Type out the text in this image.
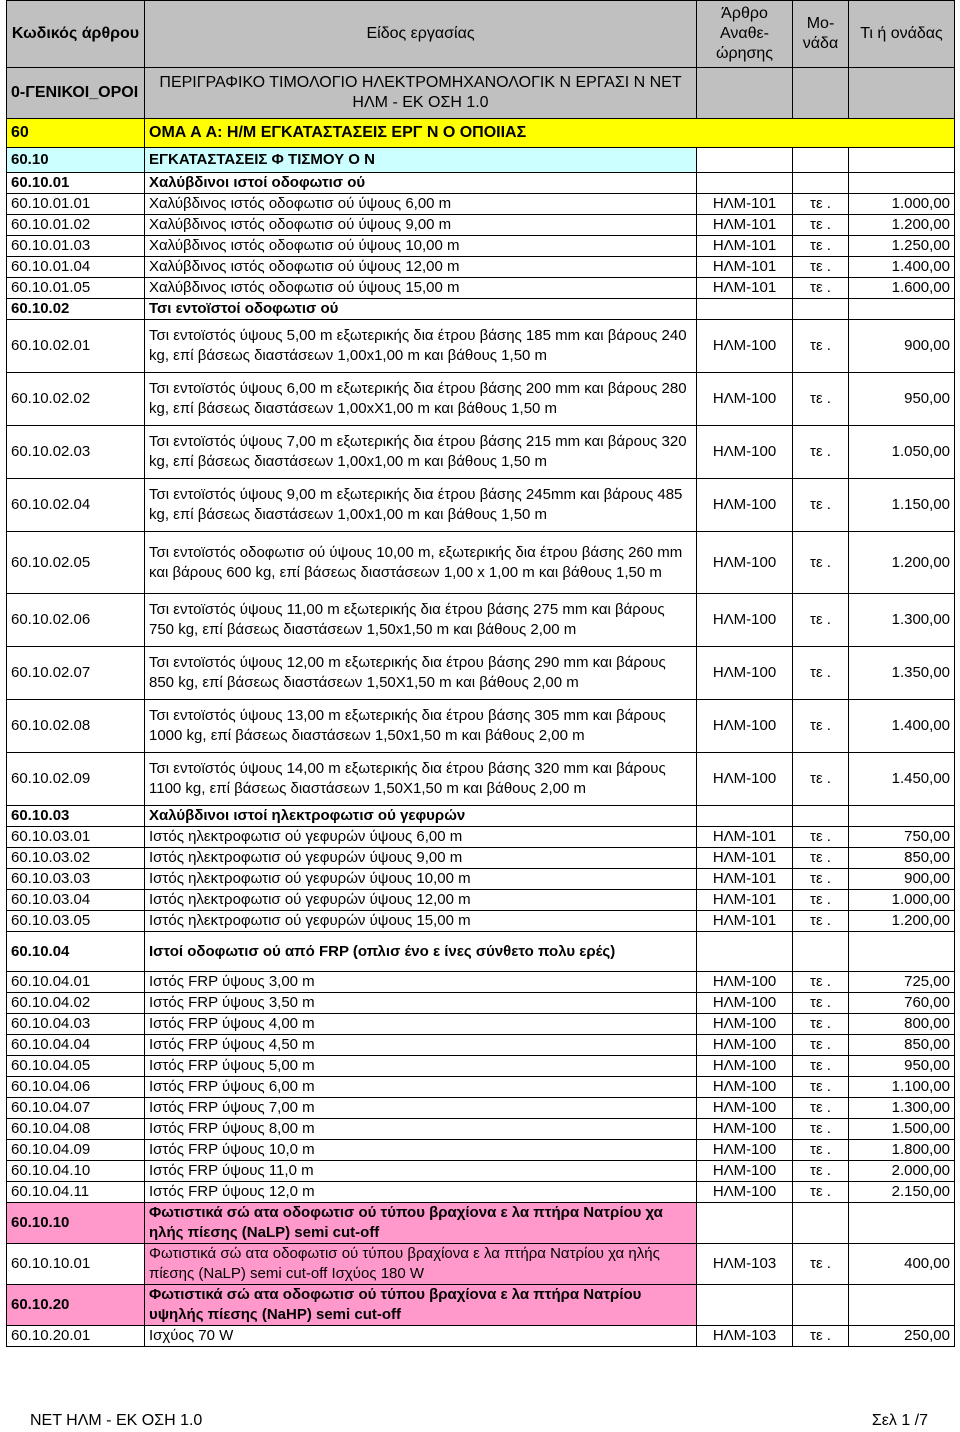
Κωδικός άρθρου	Είδος εργασίας	Άρθρο Αναθε- ώρησης	Mo- νάδα	Τι ή ονάδας
0-ΓΕΝΙΚΟΙ_ΟΡΟΙ	ΠΕΡΙΓΡΑΦΙΚΟ ΤΙΜΟΛΟΓΙΟ ΗΛΕΚΤΡΟΜΗΧΑΝΟΛΟΓΙΚ Ν ΕΡΓΑΣΙ Ν ΝΕΤ ΗΛΜ - ΕΚ ΟΣΗ 1.0			
60	ΟΜΑ Α Α: Η/Μ ΕΓΚΑΤΑΣΤΑΣΕΙΣ ΕΡΓ Ν Ο ΟΠΟΙΙΑΣ			
60.10	ΕΓΚΑΤΑΣΤΑΣΕΙΣ Φ ΤΙΣΜΟΥ Ο Ν			
60.10.01	Χαλύβδινοι ιστοί οδοφωτισ ού			
60.10.01.01	Χαλύβδινος ιστός οδοφωτισ ού ύψους 6,00 m	ΗΛΜ-101	τε .	1.000,00
60.10.01.02	Χαλύβδινος ιστός οδοφωτισ ού ύψους 9,00 m	ΗΛΜ-101	τε .	1.200,00
60.10.01.03	Χαλύβδινος ιστός οδοφωτισ ού ύψους 10,00 m	ΗΛΜ-101	τε .	1.250,00
60.10.01.04	Χαλύβδινος ιστός οδοφωτισ ού ύψους 12,00 m	ΗΛΜ-101	τε .	1.400,00
60.10.01.05	Χαλύβδινος ιστός οδοφωτισ ού ύψους 15,00 m	ΗΛΜ-101	τε .	1.600,00
60.10.02	Τσι εντοϊστοί οδοφωτισ ού			
60.10.02.01	Τσι εντοϊστός ύψους 5,00 m εξωτερικής δια έτρου βάσης 185 mm και βάρους 240 kg, επί βάσεως διαστάσεων 1,00x1,00 m και βάθους 1,50 m	ΗΛΜ-100	τε .	900,00
60.10.02.02	Τσι εντοϊστός ύψους 6,00 m εξωτερικής δια έτρου βάσης 200 mm και βάρους 280 kg, επί βάσεως διαστάσεων 1,00xX1,00 m και βάθους 1,50 m	ΗΛΜ-100	τε .	950,00
60.10.02.03	Τσι εντοϊστός ύψους 7,00 m εξωτερικής δια έτρου βάσης 215 mm και βάρους 320 kg, επί βάσεως διαστάσεων 1,00x1,00 m και βάθους 1,50 m	ΗΛΜ-100	τε .	1.050,00
60.10.02.04	Τσι εντοϊστός ύψους 9,00 m εξωτερικής δια έτρου βάσης 245mm και βάρους 485 kg, επί βάσεως διαστάσεων 1,00x1,00 m και βάθους 1,50 m	ΗΛΜ-100	τε .	1.150,00
60.10.02.05	Τσι εντοϊστός οδοφωτισ ού ύψους 10,00 m, εξωτερικής δια έτρου βάσης 260 mm και βάρους 600 kg, επί βάσεως διαστάσεων 1,00 x 1,00 m και βάθους 1,50 m	ΗΛΜ-100	τε .	1.200,00
60.10.02.06	Τσι εντοϊστός ύψους 11,00 m εξωτερικής δια έτρου βάσης 275 mm και βάρους 750 kg, επί βάσεως διαστάσεων 1,50x1,50 m και βάθους 2,00 m	ΗΛΜ-100	τε .	1.300,00
60.10.02.07	Τσι εντοϊστός ύψους 12,00 m εξωτερικής δια έτρου βάσης 290 mm και βάρους 850 kg, επί βάσεως διαστάσεων 1,50Χ1,50 m και βάθους 2,00 m	ΗΛΜ-100	τε .	1.350,00
60.10.02.08	Τσι εντοϊστός ύψους 13,00 m εξωτερικής δια έτρου βάσης 305 mm και βάρους 1000 kg, επί βάσεως διαστάσεων 1,50x1,50 m και βάθους 2,00 m	ΗΛΜ-100	τε .	1.400,00
60.10.02.09	Τσι εντοϊστός ύψους 14,00 m εξωτερικής δια έτρου βάσης 320 mm και βάρους 1100 kg, επί βάσεως διαστάσεων 1,50Χ1,50 m και βάθους 2,00 m	ΗΛΜ-100	τε .	1.450,00
60.10.03	Χαλύβδινοι ιστοί ηλεκτροφωτισ ού γεφυρών			
60.10.03.01	Ιστός ηλεκτροφωτισ ού γεφυρών ύψους 6,00 m	ΗΛΜ-101	τε .	750,00
60.10.03.02	Ιστός ηλεκτροφωτισ ού γεφυρών ύψους 9,00 m	ΗΛΜ-101	τε .	850,00
60.10.03.03	Ιστός ηλεκτροφωτισ ού γεφυρών ύψους 10,00 m	ΗΛΜ-101	τε .	900,00
60.10.03.04	Ιστός ηλεκτροφωτισ ού γεφυρών ύψους 12,00 m	ΗΛΜ-101	τε .	1.000,00
60.10.03.05	Ιστός ηλεκτροφωτισ ού γεφυρών ύψους 15,00 m	ΗΛΜ-101	τε .	1.200,00
60.10.04	Ιστοί οδοφωτισ ού από FRP (οπλισ ένο ε ίνες σύνθετο πολυ ερές)			
60.10.04.01	Ιστός FRP ύψους 3,00 m	ΗΛΜ-100	τε .	725,00
60.10.04.02	Ιστός FRP ύψους 3,50 m	ΗΛΜ-100	τε .	760,00
60.10.04.03	Ιστός FRP ύψους 4,00 m	ΗΛΜ-100	τε .	800,00
60.10.04.04	Ιστός FRP ύψους 4,50 m	ΗΛΜ-100	τε .	850,00
60.10.04.05	Ιστός FRP ύψους 5,00 m	ΗΛΜ-100	τε .	950,00
60.10.04.06	Ιστός FRP ύψους 6,00 m	ΗΛΜ-100	τε .	1.100,00
60.10.04.07	Ιστός FRP ύψους 7,00 m	ΗΛΜ-100	τε .	1.300,00
60.10.04.08	Ιστός FRP ύψους 8,00 m	ΗΛΜ-100	τε .	1.500,00
60.10.04.09	Ιστός FRP ύψους 10,0 m	ΗΛΜ-100	τε .	1.800,00
60.10.04.10	Ιστός FRP ύψους 11,0 m	ΗΛΜ-100	τε .	2.000,00
60.10.04.11	Ιστός FRP ύψους 12,0 m	ΗΛΜ-100	τε .	2.150,00
60.10.10	Φωτιστικά σώ ατα οδοφωτισ ού τύπου βραχίονα ε λα πτήρα Νατρίου χα ηλής πίεσης (NaLP) semi cut-off			
60.10.10.01	Φωτιστικά σώ ατα οδοφωτισ ού τύπου βραχίονα ε λα πτήρα Νατρίου χα ηλής πίεσης (NaLP) semi cut-off Ισχύος 180 W	ΗΛΜ-103	τε .	400,00
60.10.20	Φωτιστικά σώ ατα οδοφωτισ ού τύπου βραχίονα ε λα πτήρα Νατρίου υψηλής πίεσης (NaHP) semi cut-off			
60.10.20.01	Ισχύος 70 W	ΗΛΜ-103	τε .	250,00
ΝΕΤ ΗΛΜ - ΕΚ ΟΣΗ 1.0	Σελ 1 /7
